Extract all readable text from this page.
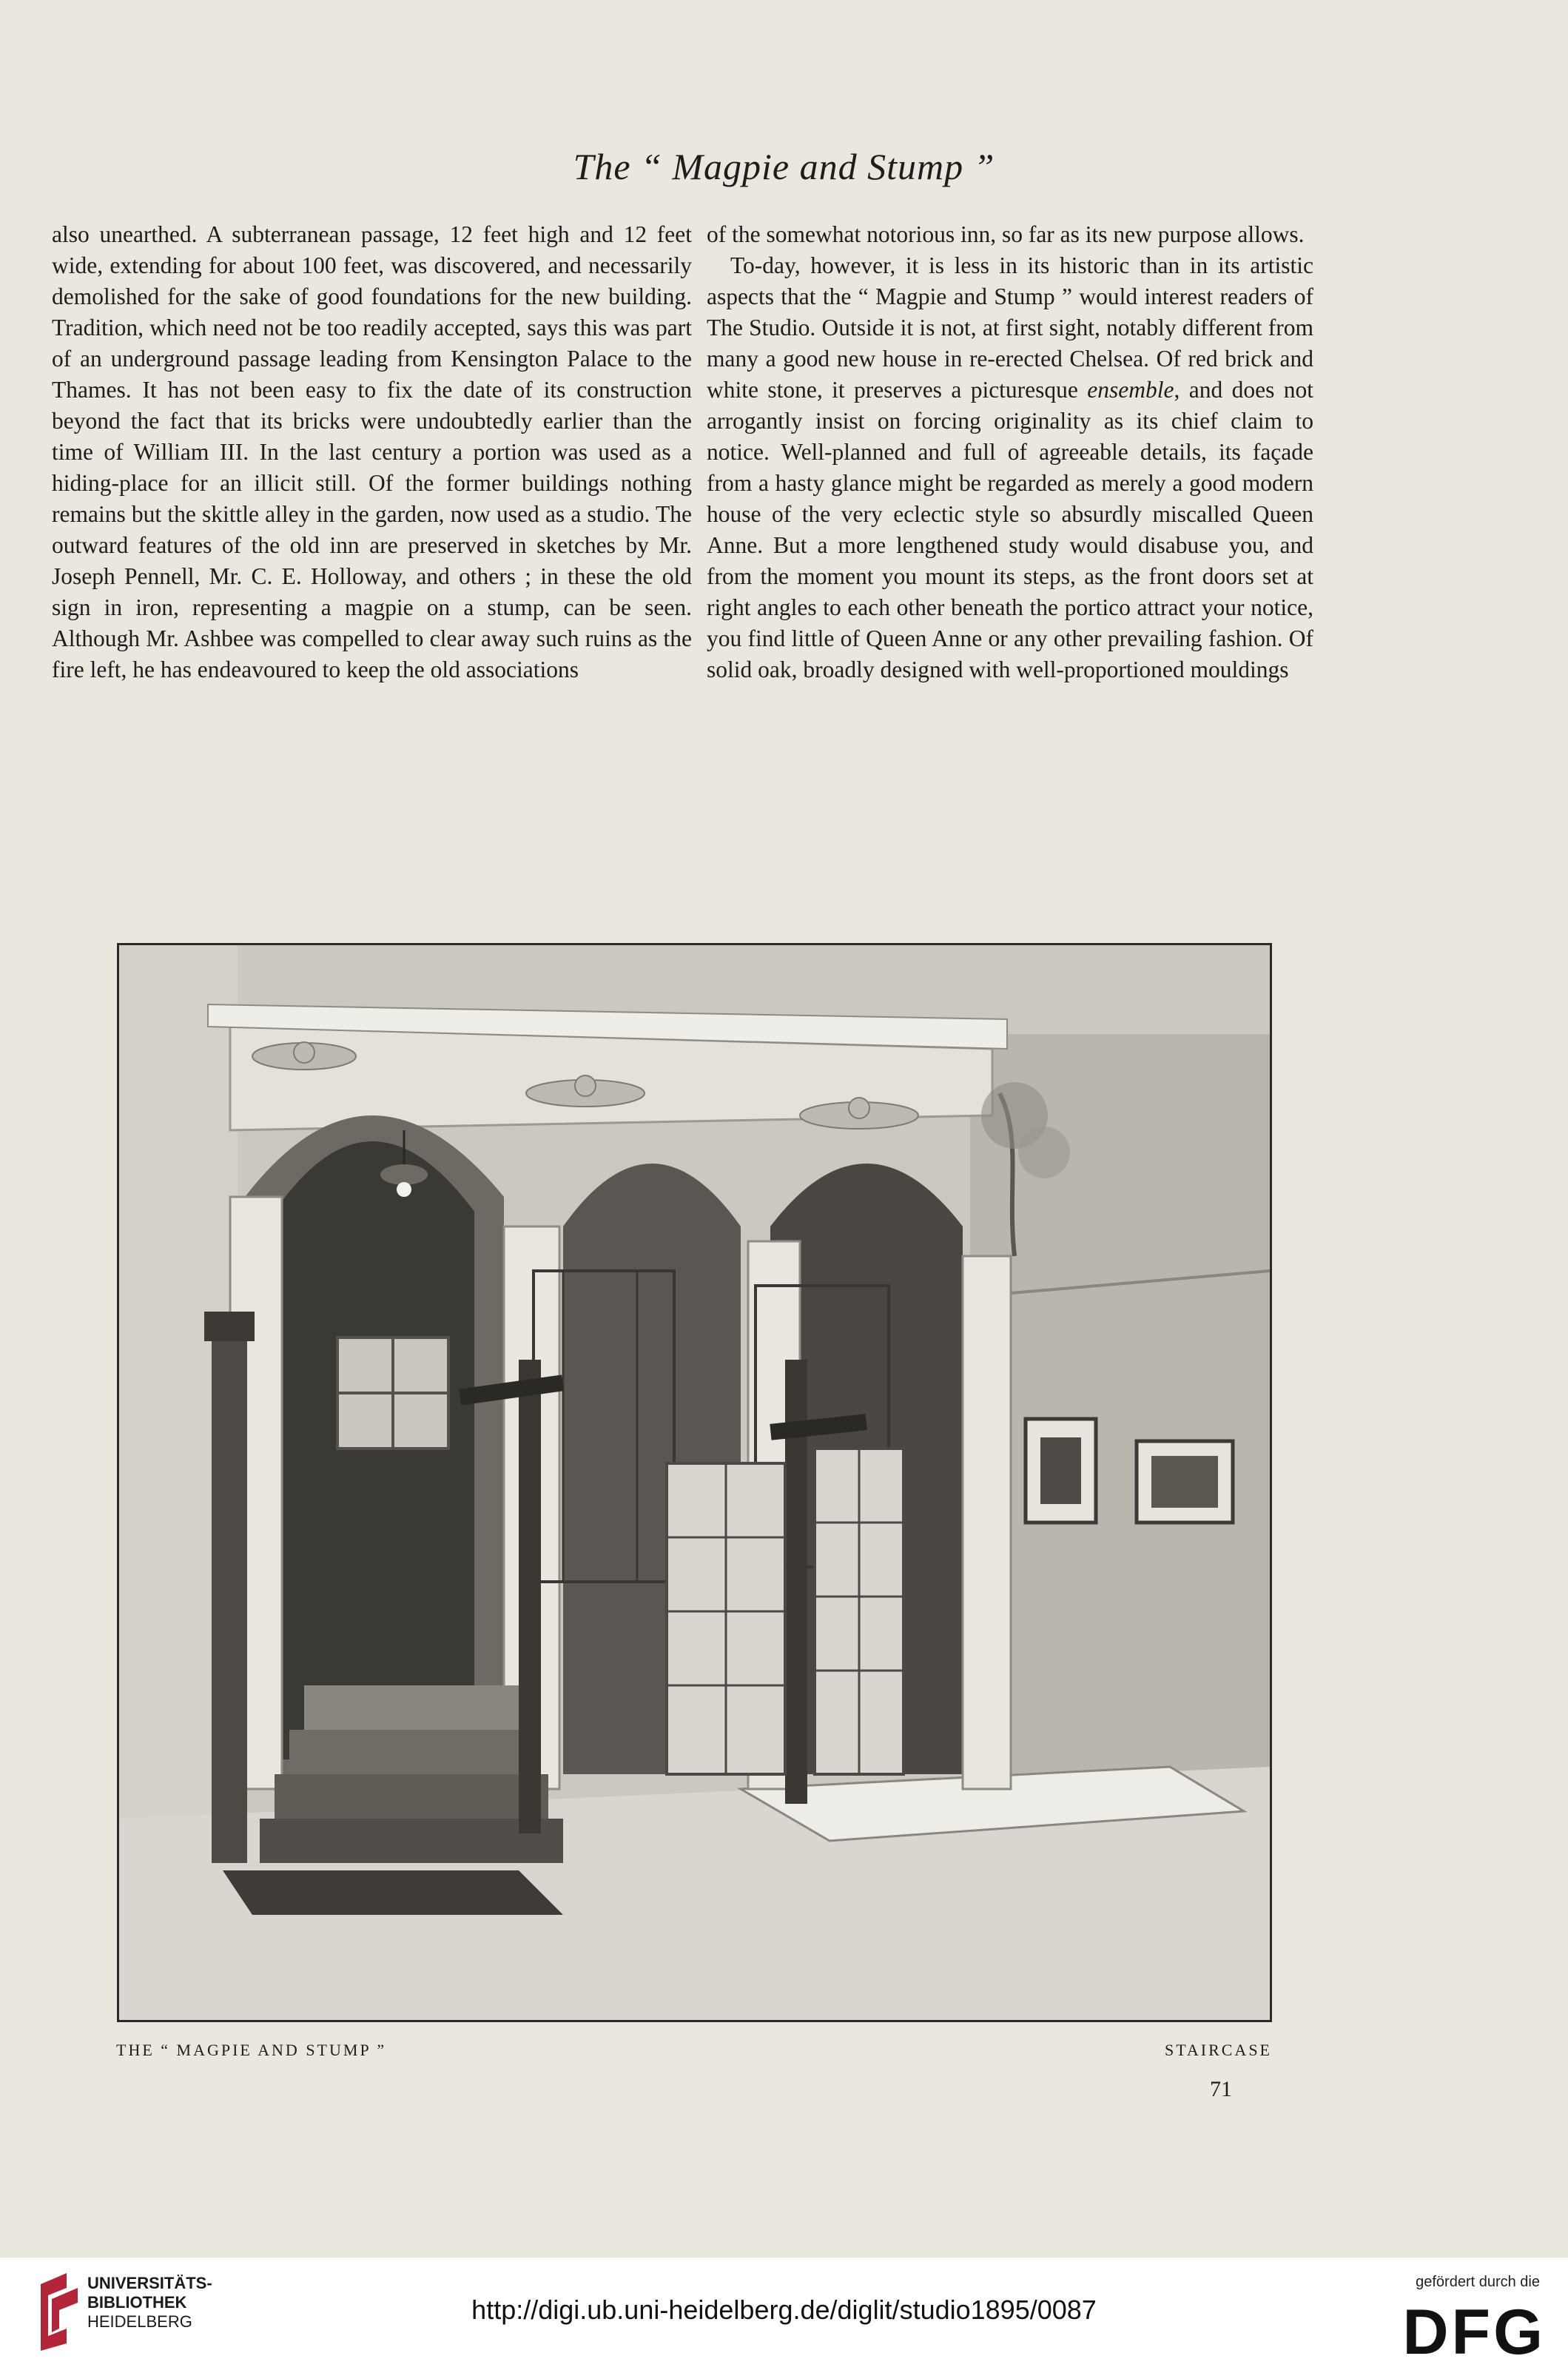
The “ Magpie and Stump ”

also unearthed. A subterranean passage, 12 feet high and 12 feet wide, extending for about 100 feet, was discovered, and necessarily demolished for the sake of good foundations for the new building. Tradition, which need not be too readily accepted, says this was part of an underground passage leading from Kensington Palace to the Thames. It has not been easy to fix the date of its construction beyond the fact that its bricks were undoubtedly earlier than the time of William III. In the last century a portion was used as a hiding-place for an illicit still. Of the former buildings nothing remains but the skittle alley in the garden, now used as a studio. The outward features of the old inn are preserved in sketches by Mr. Joseph Pennell, Mr. C. E. Holloway, and others ; in these the old sign in iron, representing a magpie on a stump, can be seen. Although Mr. Ashbee was compelled to clear away such ruins as the fire left, he has endeavoured to keep the old associations

of the somewhat notorious inn, so far as its new purpose allows.

To-day, however, it is less in its historic than in its artistic aspects that the “ Magpie and Stump ” would interest readers of The Studio. Outside it is not, at first sight, notably different from many a good new house in re-erected Chelsea. Of red brick and white stone, it preserves a picturesque ensemble, and does not arrogantly insist on forcing originality as its chief claim to notice. Well-planned and full of agreeable details, its façade from a hasty glance might be regarded as merely a good modern house of the very eclectic style so absurdly miscalled Queen Anne. But a more lengthened study would disabuse you, and from the moment you mount its steps, as the front doors set at right angles to each other beneath the portico attract your notice, you find little of Queen Anne or any other prevailing fashion. Of solid oak, broadly designed with well-proportioned mouldings

THE “ MAGPIE AND STUMP ”	STAIRCASE
71
UNIVERSITÄTS-
BIBLIOTHEK
HEIDELBERG	http://digi.ub.uni-heidelberg.de/diglit/studio1895/0087
gefördert durch die
DFG
